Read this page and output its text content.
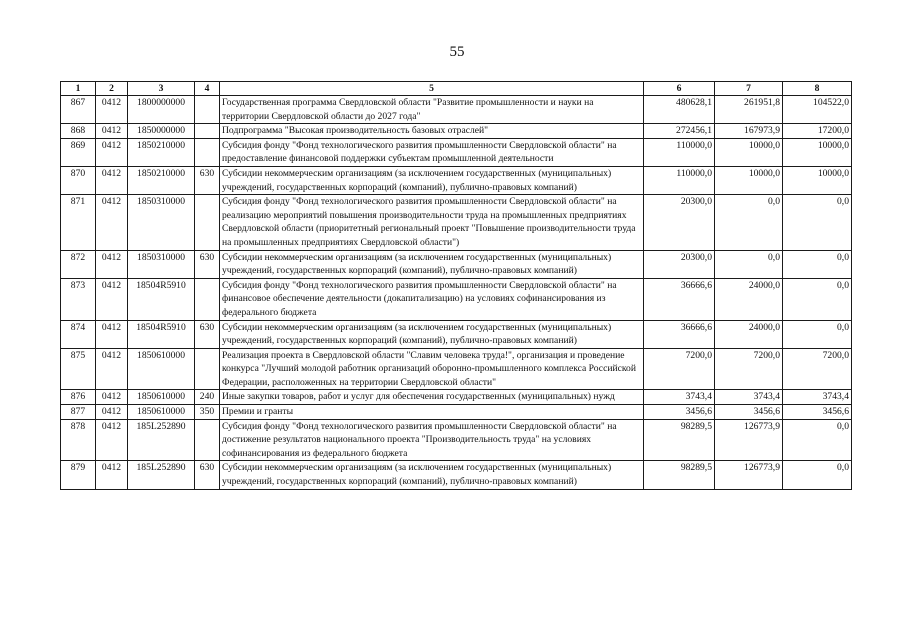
55
1	2	3	4	5	6	7	8
867	0412	1800000000		Государственная программа Свердловской области "Развитие промышленности и науки на территории Свердловской области до 2027 года"	480628,1	261951,8	104522,0
868	0412	1850000000		Подпрограмма "Высокая производительность базовых отраслей"	272456,1	167973,9	17200,0
869	0412	1850210000		Субсидия фонду "Фонд технологического развития промышленности Свердловской области" на предоставление финансовой поддержки субъектам промышленной деятельности	110000,0	10000,0	10000,0
870	0412	1850210000	630	Субсидии некоммерческим организациям (за исключением государственных (муниципальных) учреждений, государственных корпораций (компаний), публично-правовых компаний)	110000,0	10000,0	10000,0
871	0412	1850310000		Субсидия фонду "Фонд технологического развития промышленности Свердловской области" на реализацию мероприятий повышения производительности труда на промышленных предприятиях Свердловской области (приоритетный региональный проект "Повышение производительности труда на промышленных предприятиях Свердловской области")	20300,0	0,0	0,0
872	0412	1850310000	630	Субсидии некоммерческим организациям (за исключением государственных (муниципальных) учреждений, государственных корпораций (компаний), публично-правовых компаний)	20300,0	0,0	0,0
873	0412	18504R5910		Субсидия фонду "Фонд технологического развития промышленности Свердловской области" на финансовое обеспечение деятельности (докапитализацию) на условиях софинансирования из федерального бюджета	36666,6	24000,0	0,0
874	0412	18504R5910	630	Субсидии некоммерческим организациям (за исключением государственных (муниципальных) учреждений, государственных корпораций (компаний), публично-правовых компаний)	36666,6	24000,0	0,0
875	0412	1850610000		Реализация проекта в Свердловской области "Славим человека труда!", организация и проведение конкурса "Лучший молодой работник организаций оборонно-промышленного комплекса Российской Федерации, расположенных на территории Свердловской области"	7200,0	7200,0	7200,0
876	0412	1850610000	240	Иные закупки товаров, работ и услуг для обеспечения государственных (муниципальных) нужд	3743,4	3743,4	3743,4
877	0412	1850610000	350	Премии и гранты	3456,6	3456,6	3456,6
878	0412	185L252890		Субсидия фонду "Фонд технологического развития промышленности Свердловской области" на достижение результатов национального проекта "Производительность труда" на условиях софинансирования из федерального бюджета	98289,5	126773,9	0,0
879	0412	185L252890	630	Субсидии некоммерческим организациям (за исключением государственных (муниципальных) учреждений, государственных корпораций (компаний), публично-правовых компаний)	98289,5	126773,9	0,0
